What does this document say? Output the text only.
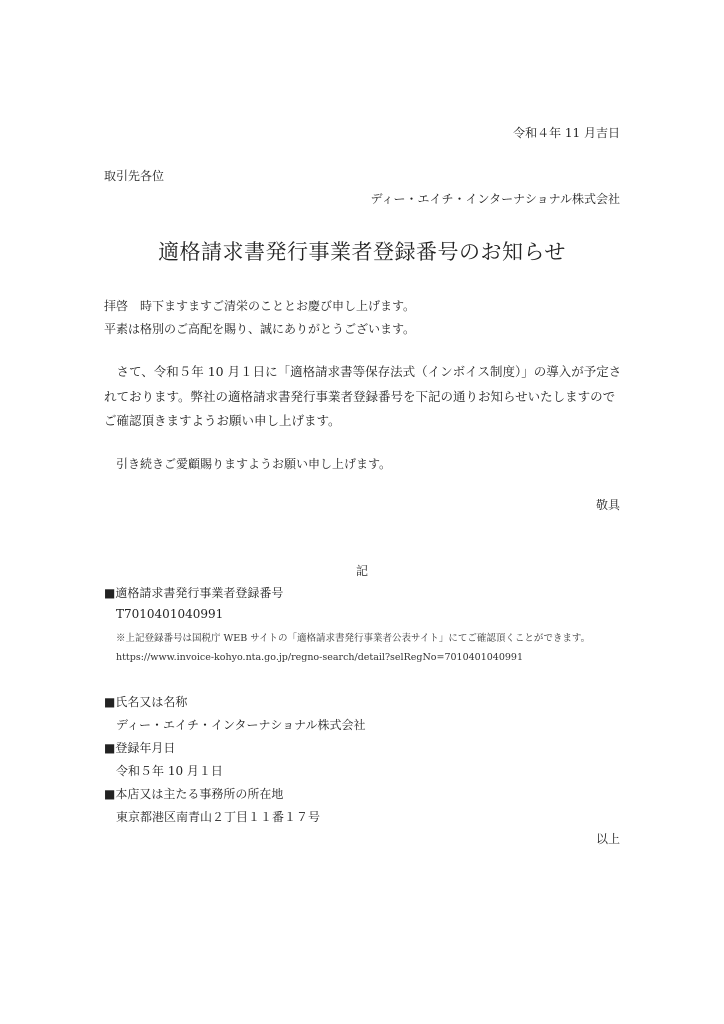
令和４年 11 月吉日
取引先各位
ディー・エイチ・インターナショナル株式会社
適格請求書発行事業者登録番号のお知らせ
拝啓　時下ますますご清栄のこととお慶び申し上げます。
平素は格別のご高配を賜り、誠にありがとうございます。
さて、令和５年 10 月１日に「適格請求書等保存法式（インボイス制度）」の導入が予定されております。弊社の適格請求書発行事業者登録番号を下記の通りお知らせいたしますのでご確認頂きますようお願い申し上げます。
引き続きご愛顧賜りますようお願い申し上げます。
敬具
記
■適格請求書発行事業者登録番号
T7010401040991
※上記登録番号は国税庁 WEB サイトの「適格請求書発行事業者公表サイト」にてご確認頂くことができます。
https://www.invoice-kohyo.nta.go.jp/regno-search/detail?selRegNo=7010401040991
■氏名又は名称
ディー・エイチ・インターナショナル株式会社
■登録年月日
令和５年 10 月１日
■本店又は主たる事務所の所在地
東京都港区南青山２丁目１１番１７号
以上
